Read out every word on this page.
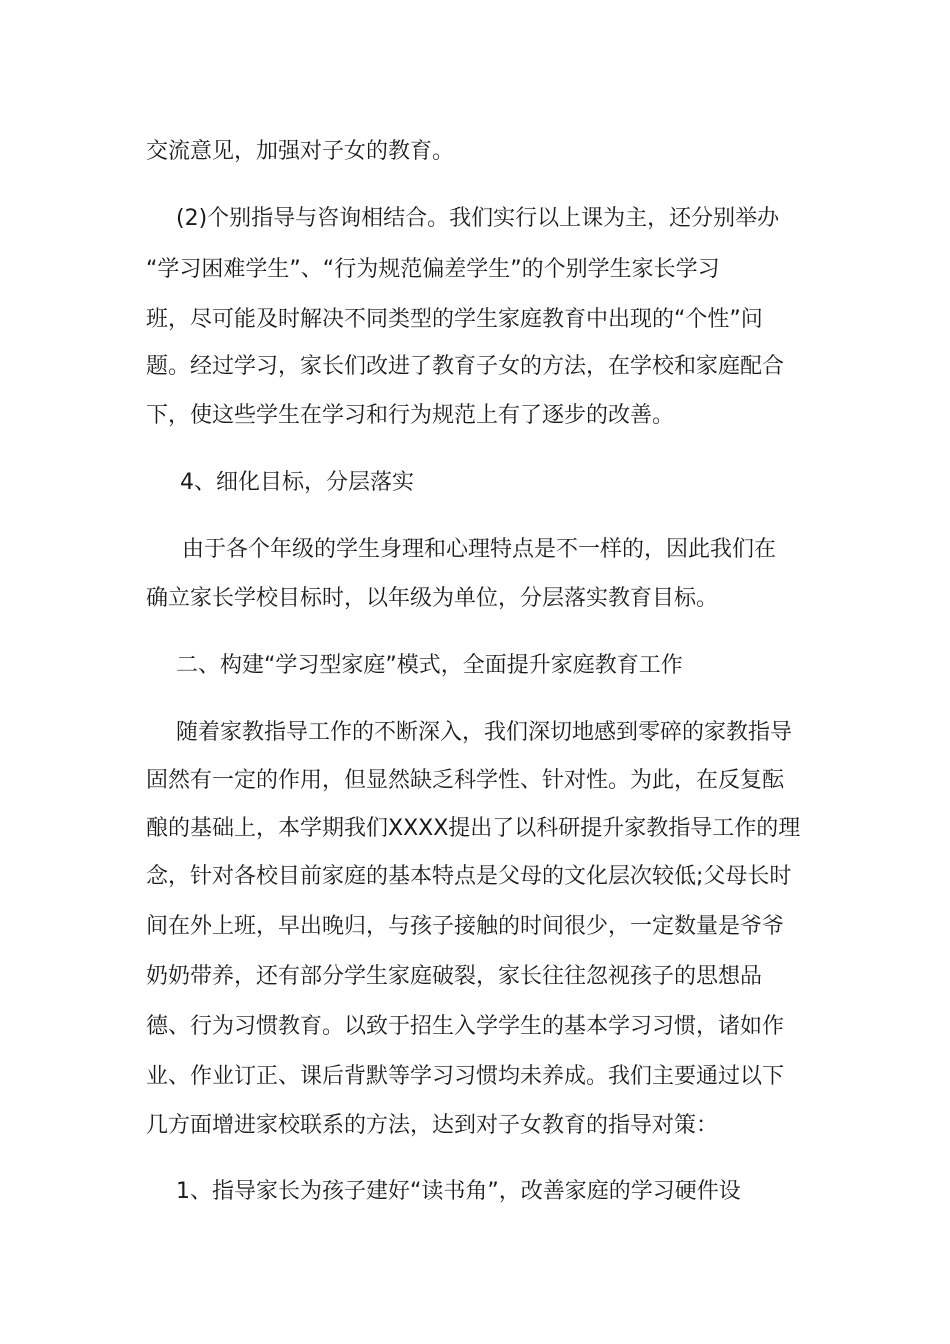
交流意见，加强对子女的教育。
(2)个别指导与咨询相结合。我们实行以上课为主，还分别举办
“学习困难学生”、“行为规范偏差学生”的个别学生家长学习
班，尽可能及时解决不同类型的学生家庭教育中出现的“个性”问
题。经过学习，家长们改进了教育子女的方法，在学校和家庭配合
下，使这些学生在学习和行为规范上有了逐步的改善。
4、细化目标，分层落实
由于各个年级的学生身理和心理特点是不一样的，因此我们在
确立家长学校目标时，以年级为单位，分层落实教育目标。
二、构建“学习型家庭”模式，全面提升家庭教育工作
随着家教指导工作的不断深入，我们深切地感到零碎的家教指导
固然有一定的作用，但显然缺乏科学性、针对性。为此，在反复酝
酿的基础上，本学期我们XXXX提出了以科研提升家教指导工作的理
念，针对各校目前家庭的基本特点是父母的文化层次较低;父母长时
间在外上班，早出晚归，与孩子接触的时间很少，一定数量是爷爷
奶奶带养，还有部分学生家庭破裂，家长往往忽视孩子的思想品
德、行为习惯教育。以致于招生入学学生的基本学习习惯，诸如作
业、作业订正、课后背默等学习习惯均未养成。我们主要通过以下
几方面增进家校联系的方法，达到对子女教育的指导对策：
1、指导家长为孩子建好“读书角”，改善家庭的学习硬件设
